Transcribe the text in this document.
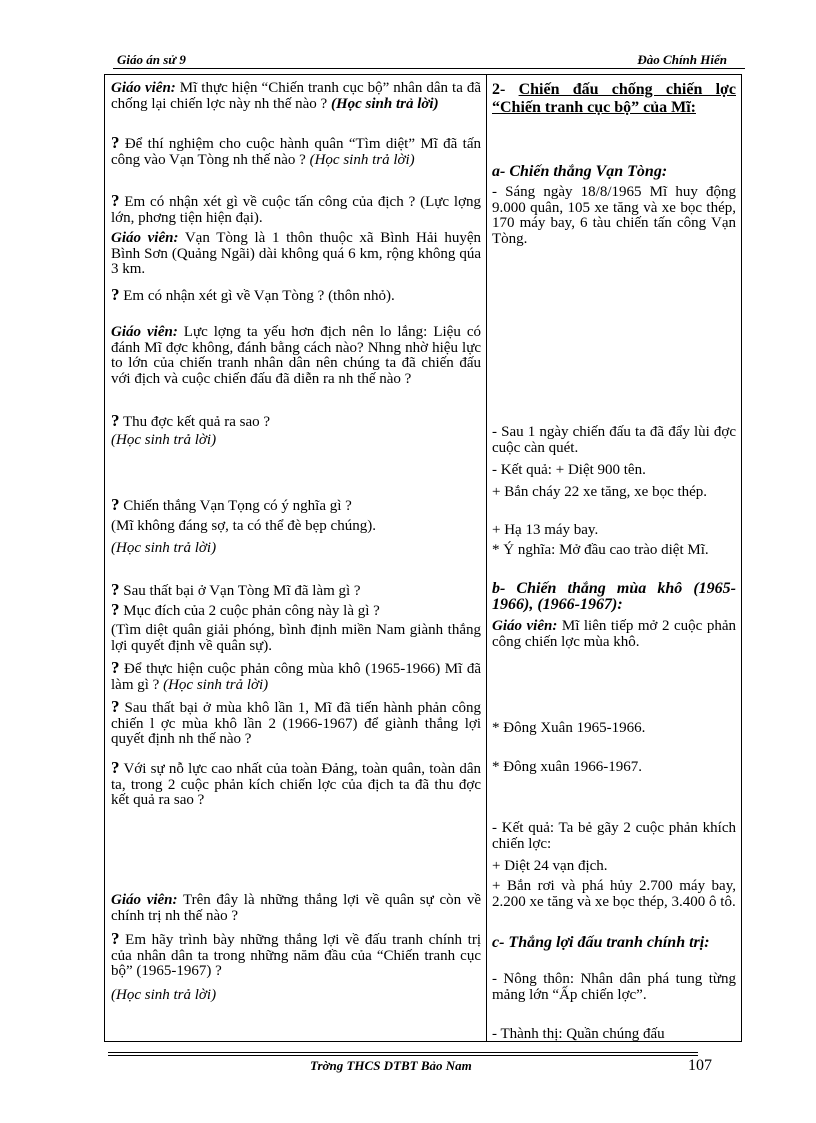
Giáo án sử 9	Đào Chính Hiển
Giáo viên: Mĩ thực hiện “Chiến tranh cục bộ” nhân dân ta đã chống lại chiến lợc này nh thế nào ? (Học sinh trả lời)
? Để thí nghiệm cho cuộc hành quân “Tìm diệt” Mĩ đã tấn công vào Vạn Tòng nh thế nào ? (Học sinh trả lời)
? Em có nhận xét gì về cuộc tấn công của địch ? (Lực lợng lớn, phơng tiện hiện đại).
Giáo viên: Vạn Tòng là 1 thôn thuộc xã Bình Hải huyện Bình Sơn (Quảng Ngãi) dài không quá 6 km, rộng không qúa 3 km.
? Em có nhận xét gì về Vạn Tòng ? (thôn nhỏ).
Giáo viên: Lực lợng ta yếu hơn địch nên lo lắng: Liệu có đánh Mĩ đợc không, đánh bằng cách nào? Nhng nhờ hiệu lực to lớn của chiến tranh nhân dân nên chúng ta đã chiến đấu với địch và cuộc chiến đấu đã diễn ra nh thế nào ?
? Thu đợc kết quả ra sao ?
(Học sinh trả lời)
? Chiến thắng Vạn Tọng có ý nghĩa gì ?
(Mĩ không đáng sợ, ta có thể đè bẹp chúng).
(Học sinh trả lời)
? Sau thất bại ở Vạn Tòng Mĩ đã làm gì ?
? Mục đích của 2 cuộc phản công này là gì ?
(Tìm diệt quân giải phóng, bình định miền Nam giành thắng lợi quyết định về quân sự).
? Để thực hiện cuộc phản công mùa khô (1965-1966) Mĩ đã làm gì ? (Học sinh trả lời)
? Sau thất bại ở mùa khô lần 1, Mĩ đã tiến hành phản công chiến l ợc mùa khô lần 2 (1966-1967) để giành thắng lợi quyết định nh thế nào ?
? Với sự nỗ lực cao nhất của toàn Đảng, toàn quân, toàn dân ta, trong 2 cuộc phản kích chiến lợc của địch ta đã thu đợc kết quả ra sao ?
Giáo viên: Trên đây là những thắng lợi về quân sự còn về chính trị nh thế nào ?
? Em hãy trình bày những thắng lợi về đấu tranh chính trị của nhân dân ta trong những năm đầu của “Chiến tranh cục bộ” (1965-1967) ?
(Học sinh trả lời)
2- Chiến đấu chống chiến lợc “Chiến tranh cục bộ” của Mĩ:
a- Chiến thắng Vạn Tòng:
- Sáng ngày 18/8/1965 Mĩ huy động 9.000 quân, 105 xe tăng và xe bọc thép, 170 máy bay, 6 tàu chiến tấn công Vạn Tòng.
- Sau 1 ngày chiến đấu ta đã đẩy lùi đợc cuộc càn quét.
- Kết quả: + Diệt 900 tên.
+ Bắn cháy 22 xe tăng, xe bọc thép.
+ Hạ 13 máy bay.
* Ý nghĩa: Mở đầu cao trào diệt Mĩ.
b- Chiến thắng mùa khô (1965-1966), (1966-1967):
Giáo viên: Mĩ liên tiếp mở 2 cuộc phản công chiến lợc mùa khô.
* Đông Xuân 1965-1966.
* Đông xuân 1966-1967.
- Kết quả: Ta bẻ gãy 2 cuộc phản khích chiến lợc:
+ Diệt 24 vạn địch.
+ Bắn rơi và phá hủy 2.700 máy bay, 2.200 xe tăng và xe bọc thép, 3.400 ô tô.
c- Thắng lợi đấu tranh chính trị:
- Nông thôn: Nhân dân phá tung từng mảng lớn “Ấp chiến lợc”.
- Thành thị: Quần chúng đấu
Trờng THCS DTBT Bảo Nam	107
